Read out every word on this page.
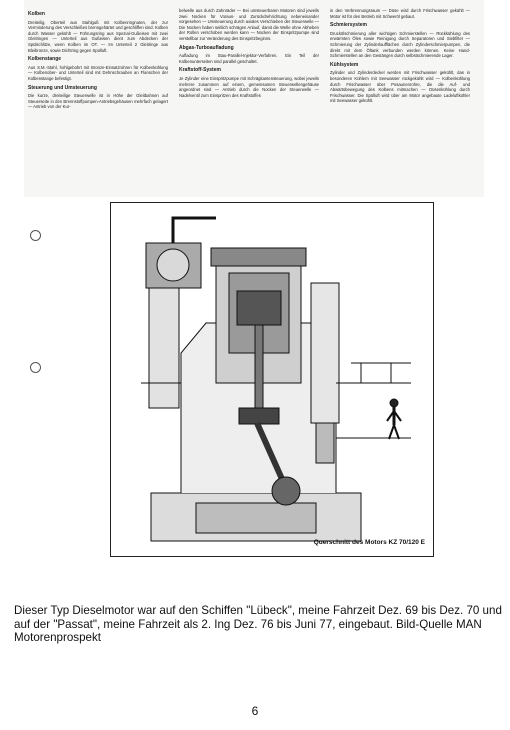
Kolben

Dreiteilig, Oberteil aus Stahlguß mit Kolbenringnuten, der zur Verminderung des Verschleißes brenngehärtet und geschliffen sind. Kolben durch Wasser gekühlt — Führungsring aus Spezial-Gußeisen mit zwei Gleitringen — Unterteil aus Gußeisen dient zum Abdecken der Spülschlitze, wenn Kolben im OT. — Im Unterteil 2 Gleitringe aus Bleibronze, sowie Dichtring gegen Spülluft.

Kolbenstange

Aus S.M.-Stahl, hohlgebohrt mit Bronze-Einsatzrohren für Kolbenkühlung — Kolbenober- und Unterteil sind mit Dehnschrauben an Flanschen der Kolbenstange befestigt.

Steuerung und Umsteuerung

Die kurze, dreiteilige Steuerwelle ist in Höhe der Gleitbahnen auf Steuerseite in den Brennstoffpumpen-Antriebsgehäusen mehrfach gelagert — Antrieb von der Kur-

belwelle aus durch Zahnräder — Bei umsteuerbaren Motoren sind jeweils zwei Nocken für Voraus- und Zurückdrehrichtung nebeneinander vorgesehen — Umsteuerung durch axiales Verschieben der Steuerwelle — Die Nocken haben seitlich schrägen Anlauf, damit die Welle ohne Abheben der Rollen verschoben werden kann — Nocken der Einspritzpumpe sind verstellbar zur Veränderung des Einspritzbeginns.

Abgas-Turboaufladung

Aufladung im Stau-Parallel-Injektor-Verfahren. Ein Teil der Kolbenunterseiten sind parallel geschaltet.

Kraftstoff-System

Je Zylinder eine Einspritzpumpe mit Schrägkantensteuerung, wobei jeweils mehrere zusammen auf einem, gemeinsamen Steuerwellengehäuse angeordnet sind — Antrieb durch die Nocken der Steuerwelle — Nadelventil zum Einspritzen des Kraftstoffes

in den Verbrennungsraum — Düse wird durch Frischwasser gekühlt — Motor ist für den Betrieb mit Schweröl gebaut.

Schmiersystem

Druckölschmierung aller wichtigen Schmierstellen — Rückkühlung des erwärmten Öles sowie Reinigung durch Separatoren und Siebfilter — Schmierung der Zylinderlaufflächen durch Zylinderschmierpumpen, die direkt mit dem Öltank verbunden werden können. Keine Hand-Schmierstellen an den Gestängen durch selbstschmierende Lager.

Kühlsystem

Zylinder und Zylinderdeckel werden mit Frischwasser gekühlt, das in besonderen Kühlern mit Seewasser rückgekühlt wird — Kolbenkühlung durch Frischwasser über Posaunenrohre, die die Auf- und Abwärtsbewegung des Kolbens mitmachen — Düsenkühlung durch Frischwasser. Die Spülluft wird über am Motor angebaute Ladeluftkühler mit Seewasser gekühlt.

Querschnitt des Motors KZ 70/120 E
Dieser Typ Dieselmotor war auf den Schiffen "Lübeck", meine Fahrzeit Dez. 69 bis Dez. 70 und auf der "Passat", meine Fahrzeit als 2. Ing Dez. 76 bis Juni 77, eingebaut. Bild-Quelle MAN Motorenprospekt
6
